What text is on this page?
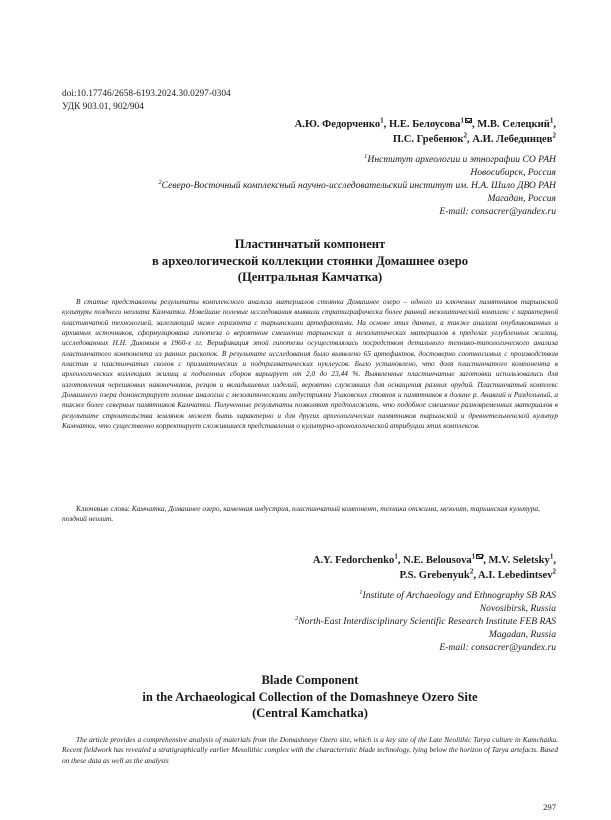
doi:10.17746/2658-6193.2024.30.0297-0304
УДК 903.01, 902/904
А.Ю. Федорченко$^1$, Н.Е. Белоусова$^1$ , М.В. Селецкий$^1$,
П.С. Гребенюк$^2$, А.И. Лебединцев$^2$
$^1$Институт археологии и этнографии СО РАН
Новосибирск, Россия
$^2$Северо-Восточный комплексный научно-исследовательский институт им. Н.А. Шило ДВО РАН
Магадан, Россия
E-mail: consacrer@yandex.ru
Пластинчатый компонент
в археологической коллекции стоянки Домашнее озеро
(Центральная Камчатка)
В статье представлены результаты комплексного анализа материалов стоянки Домашнее озеро – одного из ключевых памятников тарьинской культуры позднего неолита Камчатки. Новейшие полевые исследования выявили стратиграфически более ранний мезолитический комплекс с характерной пластинчатой технологией, залегающий ниже горизонта с тарьинскими артефактами. На основе этих данных, а также анализа опубликованных и архивных источников, сформулирована гипотеза о вероятном смешении тарьинских и мезолитических материалов в пределах углубленных жилищ, исследованных Н.Н. Диковым в 1960-х гг. Верификация этой гипотезы осуществлялась посредством детального технико-типологического анализа пластинчатого компонента из ранних раскопок. В результате исследования было выявлено 65 артефактов, достоверно соотносимых с производством пластин и пластинчатых сколов с призматических и подпризматических нуклеусов. Было установлено, что доля пластинчатого компонента в археологических коллекциях жилищ и подъемных сборов варьирует от 2,0 до 23,44 %. Выявленные пластинчатые заготовки использовались для изготовления черешковых наконечников, резцов и вкладышевых изделий, вероятно служивших для оснащения разных орудий. Пластинчатый комплекс Домашнего озера демонстрирует полные аналогии с мезолитическими индустриями Ушковских стоянок и памятников в долине р. Анавгай и Раздельный, а также более северных памятников Камчатки. Полученные результаты позволяют предположить, что подобное смешение разновременных материалов в результате строительства землянок может быть характерно и для других археологических памятников тарьинской и древнетельменской культур Камчатки, что существенно корректирует сложившиеся представления о культурно-хронологической атрибуции этих комплексов.
Ключевые слова: Камчатка, Домашнее озеро, каменная индустрия, пластинчатый компонент, техника отжима, мезолит, тарьинская культура, поздний неолит.
A.Y. Fedorchenko$^1$, N.E. Belousova$^1$ , M.V. Seletsky$^1$,
P.S. Grebenyuk$^2$, A.I. Lebedintsev$^2$
$^1$Institute of Archaeology and Ethnography SB RAS
Novosibirsk, Russia
$^2$North-East Interdisciplinary Scientific Research Institute FEB RAS
Magadan, Russia
E-mail: consacrer@yandex.ru
Blade Component
in the Archaeological Collection of the Domashneye Ozero Site
(Central Kamchatka)
The article provides a comprehensive analysis of materials from the Domashneye Ozero site, which is a key site of the Late Neolithic Tarya culture in Kamchatka. Recent fieldwork has revealed a stratigraphically earlier Mesolithic complex with the characteristic blade technology, lying below the horizon of Tarya artefacts. Based on these data as well as the analysis
297
